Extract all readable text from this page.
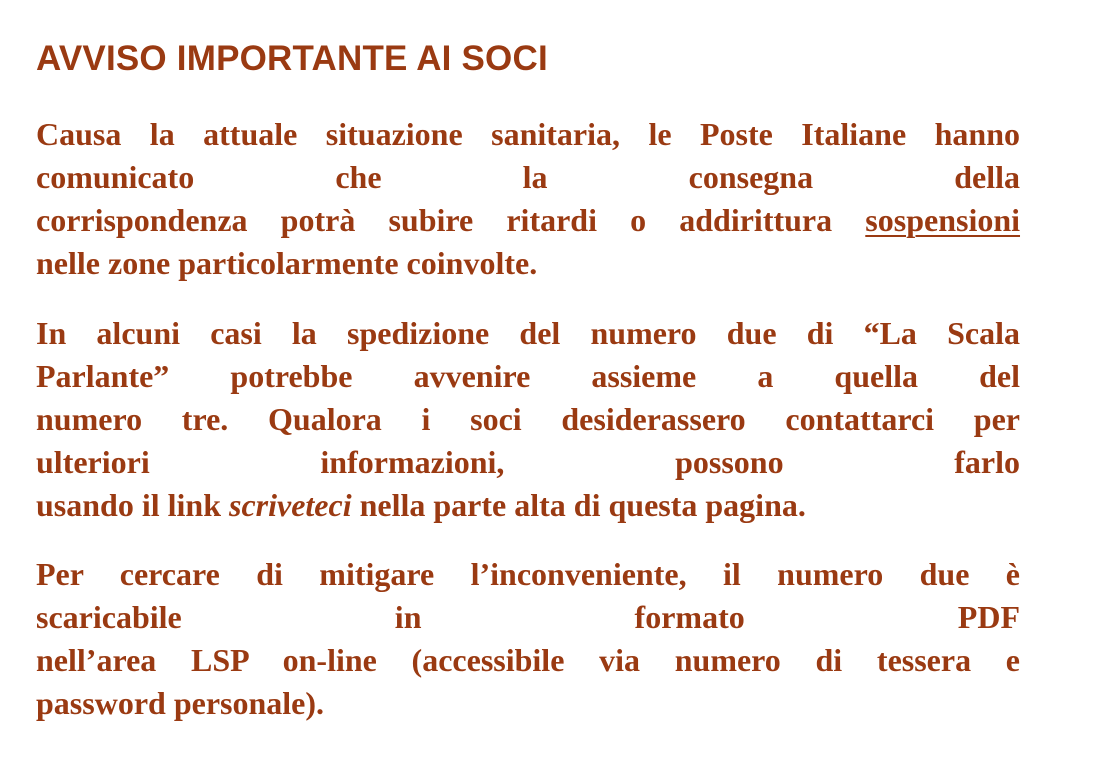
AVVISO IMPORTANTE AI SOCI

Causa la attuale situazione sanitaria, le Poste Italiane hanno
comunicato che la consegna della
corrispondenza potrà subire ritardi o addirittura sospensioni
nelle zone particolarmente coinvolte.

In alcuni casi la spedizione del numero due di “La Scala
Parlante” potrebbe avvenire assieme a quella del
numero tre. Qualora i soci desiderassero contattarci per
ulteriori informazioni, possono farlo
usando il link scriveteci nella parte alta di questa pagina.

Per cercare di mitigare l’inconveniente, il numero due è
scaricabile in formato PDF
nell’area LSP on-line (accessibile via numero di tessera e
password personale).
